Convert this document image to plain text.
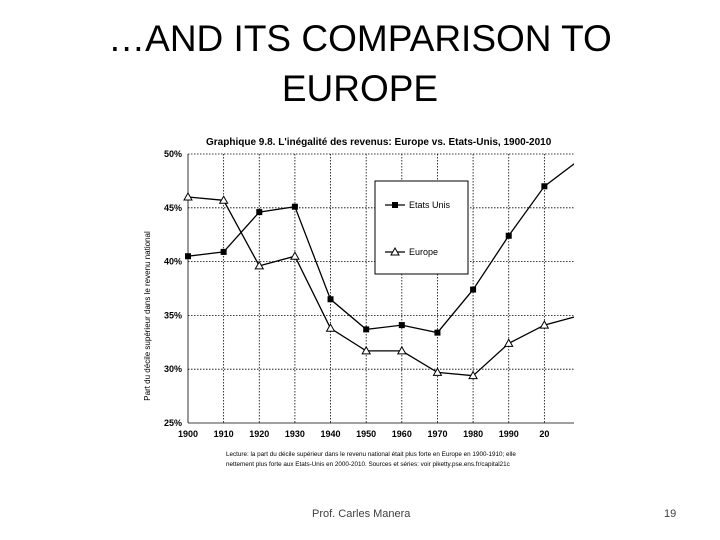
…AND ITS COMPARISON TO
EUROPE
Graphique 9.8. L'inégalité des revenus: Europe vs. Etats-Unis, 1900-2010
Part du décile supérieur dans le revenu national
25%
30%
35%
40%
45%
50%
1900 1910 1920 1930 1940 1950 1960 1970 1980 1990 20
Etats Unis
Europe
Lecture: la part du décile supérieur dans le revenu national était plus forte en Europe en 1900-1910; elle
nettement plus forte aux Etats-Unis en 2000-2010. Sources et séries: voir piketty.pse.ens.fr/capital21c
Prof. Carles Manera	19
